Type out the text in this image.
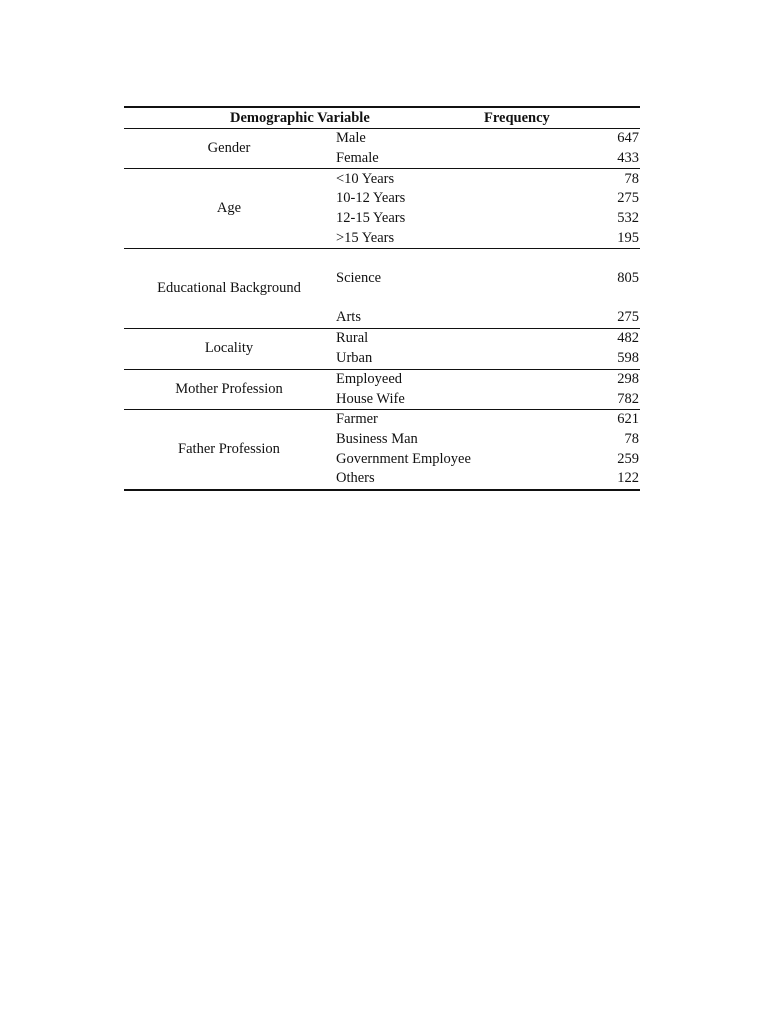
Demographic Variable	Frequency
Gender
Male	647
Female	433
Age
<10 Years	78
10-12 Years	275
12-15 Years	532
>15 Years	195
Educational Background
Science	805
Arts	275
Locality
Rural	482
Urban	598
Mother Profession
Employeed	298
House Wife	782
Father Profession
Farmer	621
Business Man	78
Government Employee	259
Others	122
